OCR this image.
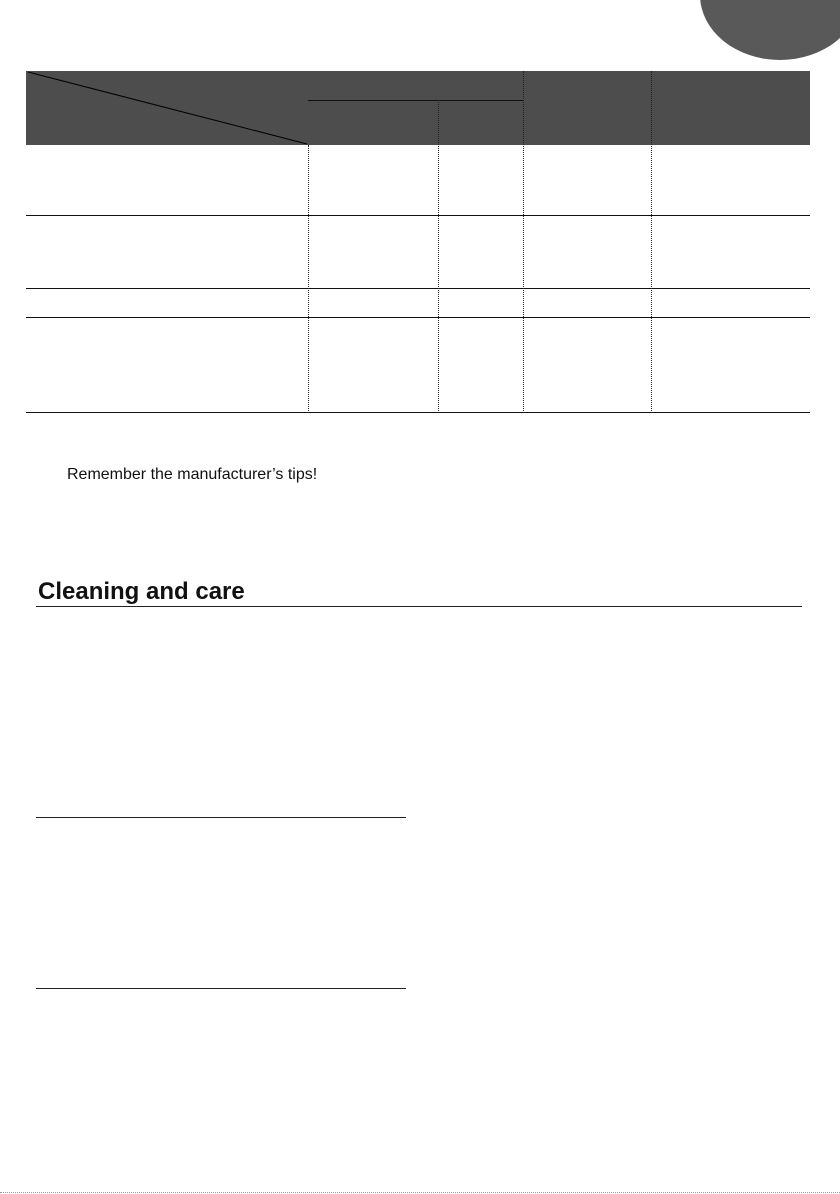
Remember the manufacturer’s tips!

Cleaning and care
